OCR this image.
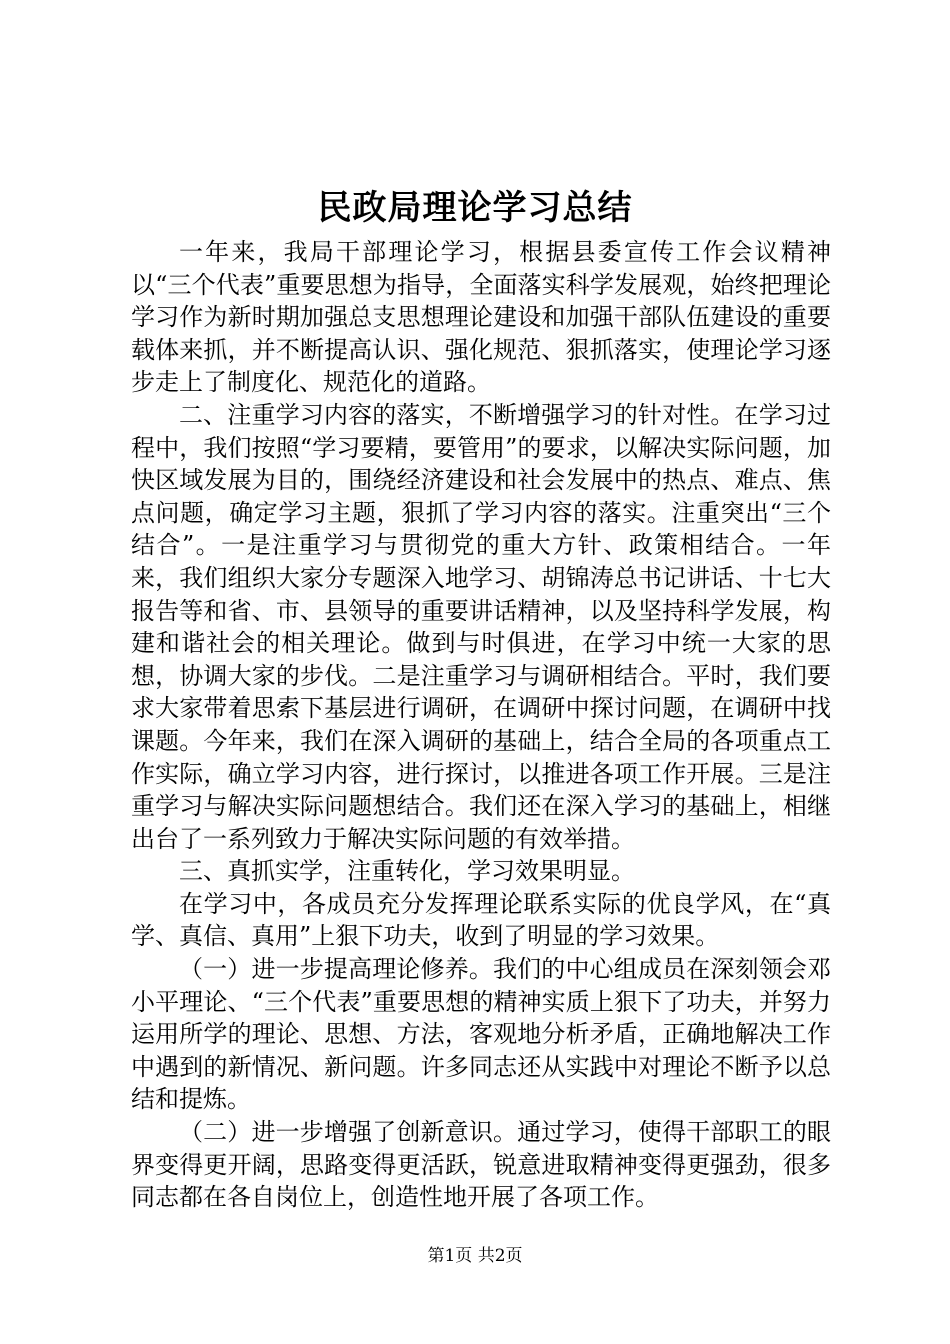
民政局理论学习总结

一年来，我局干部理论学习，根据县委宣传工作会议精神以“三个代表”重要思想为指导，全面落实科学发展观，始终把理论学习作为新时期加强总支思想理论建设和加强干部队伍建设的重要载体来抓，并不断提高认识、强化规范、狠抓落实，使理论学习逐步走上了制度化、规范化的道路。

二、注重学习内容的落实，不断增强学习的针对性。在学习过程中，我们按照“学习要精，要管用”的要求，以解决实际问题，加快区域发展为目的，围绕经济建设和社会发展中的热点、难点、焦点问题，确定学习主题，狠抓了学习内容的落实。注重突出“三个结合”。一是注重学习与贯彻党的重大方针、政策相结合。一年来，我们组织大家分专题深入地学习、胡锦涛总书记讲话、十七大报告等和省、市、县领导的重要讲话精神，以及坚持科学发展，构建和谐社会的相关理论。做到与时俱进，在学习中统一大家的思想，协调大家的步伐。二是注重学习与调研相结合。平时，我们要求大家带着思索下基层进行调研，在调研中探讨问题，在调研中找课题。今年来，我们在深入调研的基础上，结合全局的各项重点工作实际，确立学习内容，进行探讨，以推进各项工作开展。三是注重学习与解决实际问题想结合。我们还在深入学习的基础上，相继出台了一系列致力于解决实际问题的有效举措。

三、真抓实学，注重转化，学习效果明显。

在学习中，各成员充分发挥理论联系实际的优良学风，在“真学、真信、真用”上狠下功夫，收到了明显的学习效果。

（一）进一步提高理论修养。我们的中心组成员在深刻领会邓小平理论、“三个代表”重要思想的精神实质上狠下了功夫，并努力运用所学的理论、思想、方法，客观地分析矛盾，正确地解决工作中遇到的新情况、新问题。许多同志还从实践中对理论不断予以总结和提炼。

（二）进一步增强了创新意识。通过学习，使得干部职工的眼界变得更开阔，思路变得更活跃，锐意进取精神变得更强劲，很多同志都在各自岗位上，创造性地开展了各项工作。

第1页 共2页
